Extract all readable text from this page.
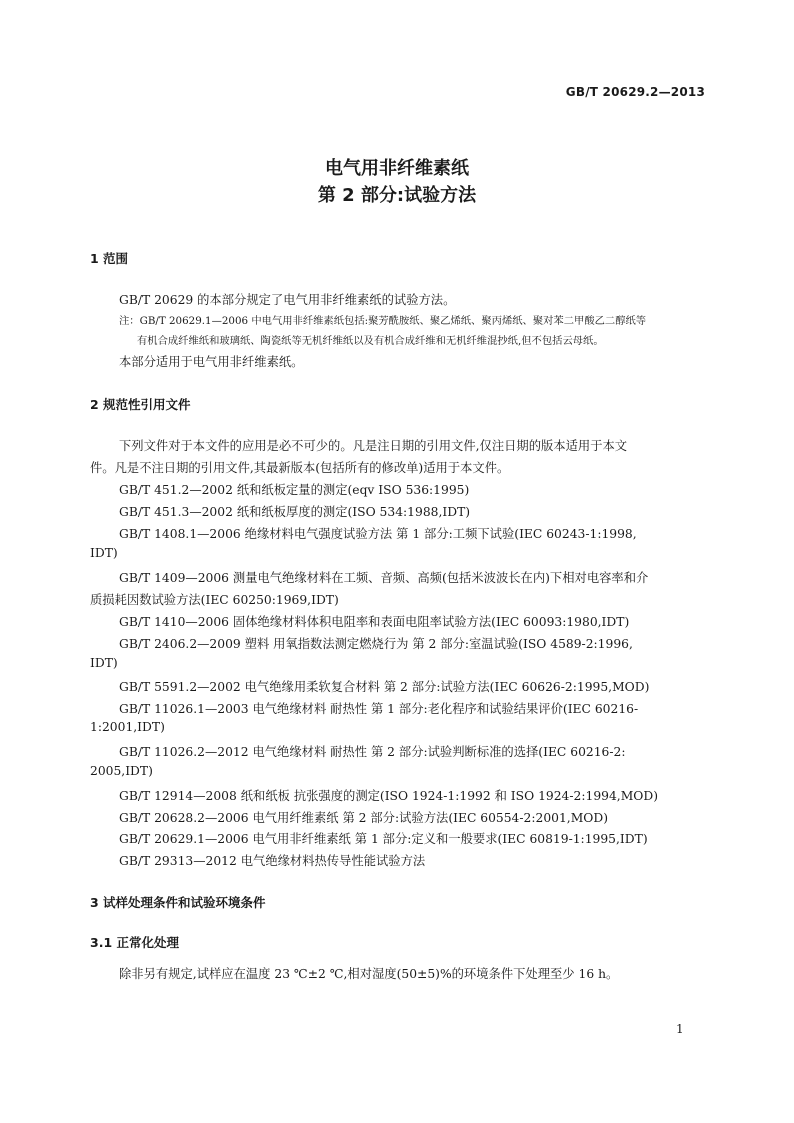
GB/T 20629.2—2013
电气用非纤维素纸
第 2 部分:试验方法
1 范围
GB/T 20629 的本部分规定了电气用非纤维素纸的试验方法。
注：GB/T 20629.1—2006 中电气用非纤维素纸包括:聚芳酰胺纸、聚乙烯纸、聚丙烯纸、聚对苯二甲酸乙二醇纸等
有机合成纤维纸和玻璃纸、陶瓷纸等无机纤维纸以及有机合成纤维和无机纤维混抄纸,但不包括云母纸。
本部分适用于电气用非纤维素纸。
2 规范性引用文件
下列文件对于本文件的应用是必不可少的。凡是注日期的引用文件,仅注日期的版本适用于本文
件。凡是不注日期的引用文件,其最新版本(包括所有的修改单)适用于本文件。
GB/T 451.2—2002 纸和纸板定量的测定(eqv ISO 536:1995)
GB/T 451.3—2002 纸和纸板厚度的测定(ISO 534:1988,IDT)
GB/T 1408.1—2006 绝缘材料电气强度试验方法 第 1 部分:工频下试验(IEC 60243-1:1998,
IDT)
GB/T 1409—2006 测量电气绝缘材料在工频、音频、高频(包括米波波长在内)下相对电容率和介
质损耗因数试验方法(IEC 60250:1969,IDT)
GB/T 1410—2006 固体绝缘材料体积电阻率和表面电阻率试验方法(IEC 60093:1980,IDT)
GB/T 2406.2—2009 塑料 用氧指数法测定燃烧行为 第 2 部分:室温试验(ISO 4589-2:1996,
IDT)
GB/T 5591.2—2002 电气绝缘用柔软复合材料 第 2 部分:试验方法(IEC 60626-2:1995,MOD)
GB/T 11026.1—2003 电气绝缘材料 耐热性 第 1 部分:老化程序和试验结果评价(IEC 60216-
1:2001,IDT)
GB/T 11026.2—2012 电气绝缘材料 耐热性 第 2 部分:试验判断标准的选择(IEC 60216-2:
2005,IDT)
GB/T 12914—2008 纸和纸板 抗张强度的测定(ISO 1924-1:1992 和 ISO 1924-2:1994,MOD)
GB/T 20628.2—2006 电气用纤维素纸 第 2 部分:试验方法(IEC 60554-2:2001,MOD)
GB/T 20629.1—2006 电气用非纤维素纸 第 1 部分:定义和一般要求(IEC 60819-1:1995,IDT)
GB/T 29313—2012 电气绝缘材料热传导性能试验方法
3 试样处理条件和试验环境条件
3.1 正常化处理
除非另有规定,试样应在温度 23 ℃±2 ℃,相对湿度(50±5)%的环境条件下处理至少 16 h。
1
